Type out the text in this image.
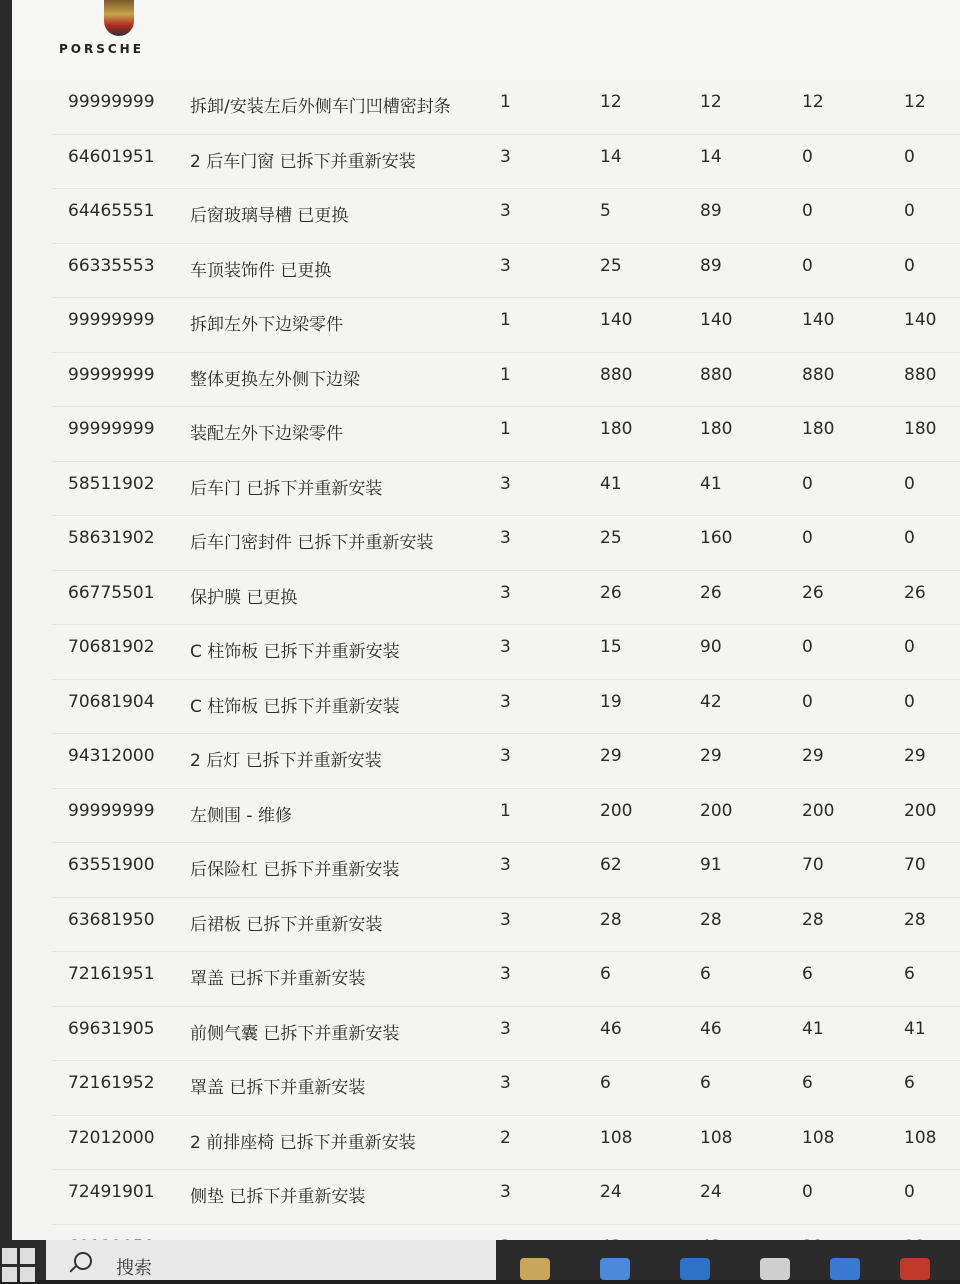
PORSCHE
99999999 拆卸/安装左后外侧车门凹槽密封条	1	12	12	12	12
64601951 2 后车门窗 已拆下并重新安装	3	14	14	0	0
64465551 后窗玻璃导槽 已更换	3	5	89	0	0
66335553 车顶装饰件 已更换	3	25	89	0	0
99999999 拆卸左外下边梁零件	1	140	140	140	140
99999999 整体更换左外侧下边梁	1	880	880	880	880
99999999 装配左外下边梁零件	1	180	180	180	180
58511902 后车门 已拆下并重新安装	3	41	41	0	0
58631902 后车门密封件 已拆下并重新安装	3	25	160	0	0
66775501 保护膜 已更换	3	26	26	26	26
70681902 C 柱饰板 已拆下并重新安装	3	15	90	0	0
70681904 C 柱饰板 已拆下并重新安装	3	19	42	0	0
94312000 2 后灯 已拆下并重新安装	3	29	29	29	29
99999999 左侧围 - 维修	1	200	200	200	200
63551900 后保险杠 已拆下并重新安装	3	62	91	70	70
63681950 后裙板 已拆下并重新安装	3	28	28	28	28
72161951 罩盖 已拆下并重新安装	3	6	6	6	6
69631905 前侧气囊 已拆下并重新安装	3	46	46	41	41
72161952 罩盖 已拆下并重新安装	3	6	6	6	6
72012000 2 前排座椅 已拆下并重新安装	2	108	108	108	108
72491901 侧垫 已拆下并重新安装	3	24	24	0	0
搜索
